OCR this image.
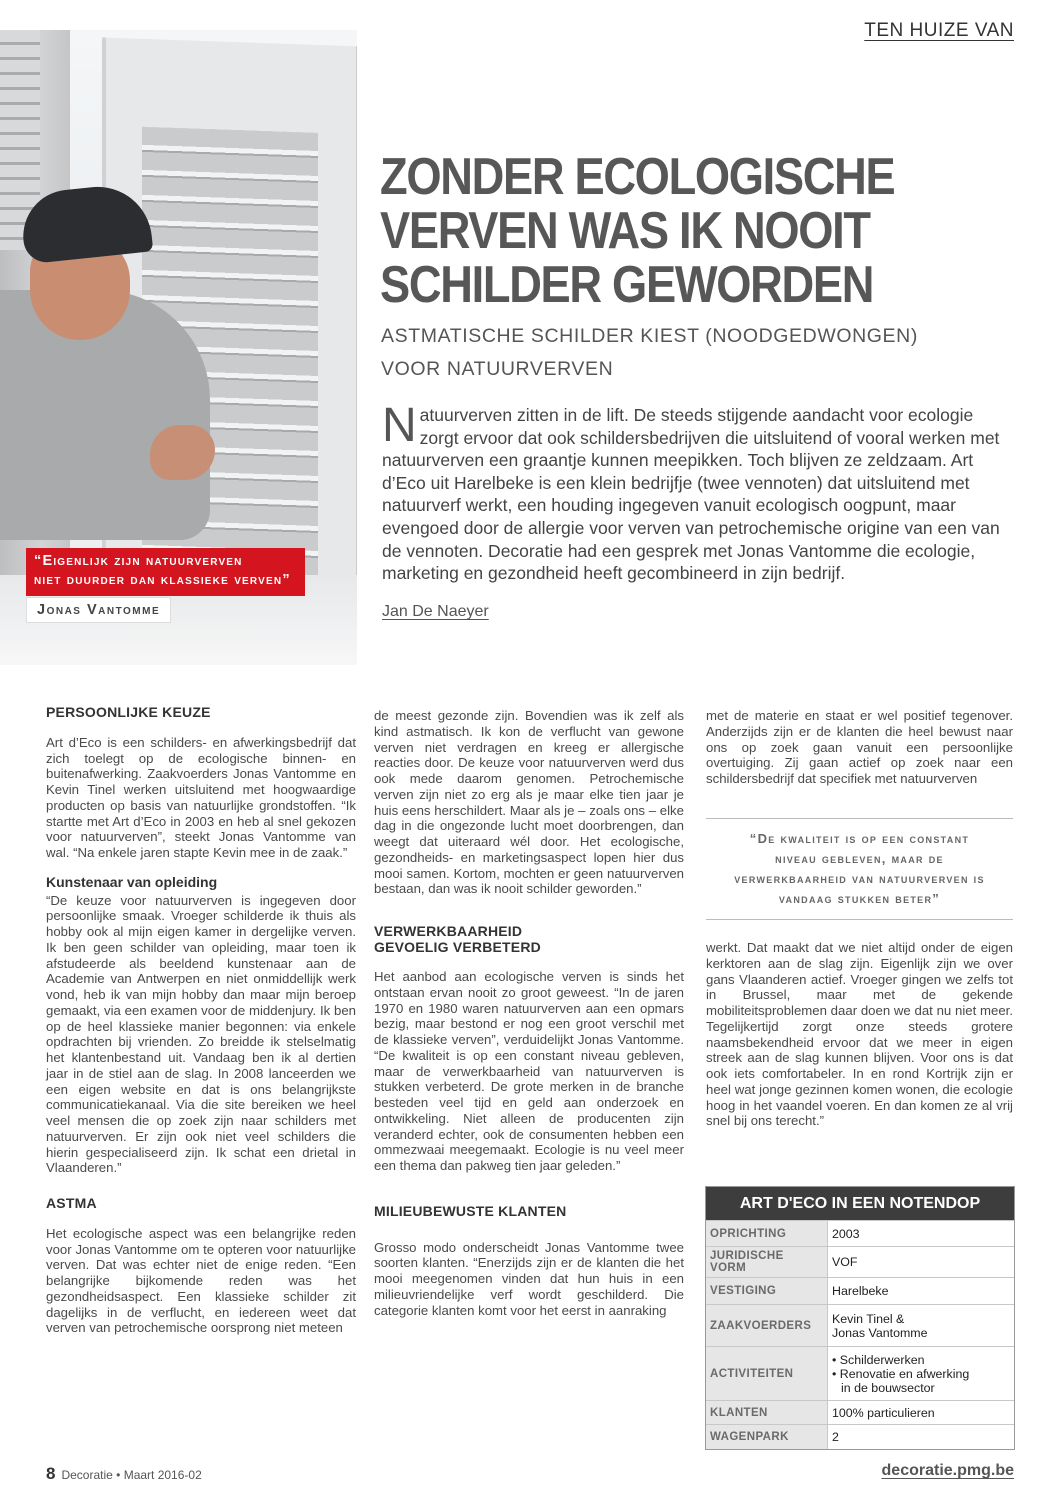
TEN HUIZE VAN
“Eigenlijk zijn natuurverven
niet duurder dan klassieke verven”
Jonas Vantomme
ZONDER ECOLOGISCHE
VERVEN WAS IK NOOIT
SCHILDER GEWORDEN
ASTMATISCHE SCHILDER KIEST (NOODGEDWONGEN)
VOOR NATUURVERVEN
Natuurverven zitten in de lift. De steeds stijgende aandacht voor ecologie zorgt ervoor dat ook schildersbedrijven die uitsluitend of vooral werken met natuurverven een graantje kunnen meepikken. Toch blijven ze zeldzaam. Art d’Eco uit Harelbeke is een klein bedrijfje (twee vennoten) dat uitsluitend met natuurverf werkt, een houding ingegeven vanuit ecologisch oogpunt, maar evengoed door de allergie voor verven van petrochemische origine van een van de vennoten. Decoratie had een gesprek met Jonas Vantomme die ecologie, marketing en gezondheid heeft gecombineerd in zijn bedrijf.
Jan De Naeyer
PERSOONLIJKE KEUZE

Art d’Eco is een schilders- en afwerkingsbedrijf dat zich toelegt op de ecologische binnen- en buitenafwerking. Zaakvoerders Jonas Vantomme en Kevin Tinel werken uitsluitend met hoogwaardige producten op basis van natuurlijke grondstoffen. “Ik startte met Art d’Eco in 2003 en heb al snel gekozen voor natuurverven”, steekt Jonas Vantomme van wal. “Na enkele jaren stapte Kevin mee in de zaak.”

Kunstenaar van opleiding

“De keuze voor natuurverven is ingegeven door persoonlijke smaak. Vroeger schilderde ik thuis als hobby ook al mijn eigen kamer in dergelijke verven. Ik ben geen schilder van opleiding, maar toen ik afstudeerde als beeldend kunstenaar aan de Academie van Antwerpen en niet onmiddellijk werk vond, heb ik van mijn hobby dan maar mijn beroep gemaakt, via een examen voor de middenjury. Ik ben op de heel klassieke manier begonnen: via enkele opdrachten bij vrienden. Zo breidde ik stelselmatig het klantenbestand uit. Vandaag ben ik al dertien jaar in de stiel aan de slag. In 2008 lanceerden we een eigen website en dat is ons belangrijkste communicatiekanaal. Via die site bereiken we heel veel mensen die op zoek zijn naar schilders met natuurverven. Er zijn ook niet veel schilders die hierin gespecialiseerd zijn. Ik schat een drietal in Vlaanderen.”

ASTMA

Het ecologische aspect was een belangrijke reden voor Jonas Vantomme om te opteren voor natuurlijke verven. Dat was echter niet de enige reden. “Een belangrijke bijkomende reden was het gezondheidsaspect. Een klassieke schilder zit dagelijks in de verflucht, en iedereen weet dat verven van petrochemische oorsprong niet meteen

de meest gezonde zijn. Bovendien was ik zelf als kind astmatisch. Ik kon de verflucht van gewone verven niet verdragen en kreeg er allergische reacties door. De keuze voor natuurverven werd dus ook mede daarom genomen. Petrochemische verven zijn niet zo erg als je maar elke tien jaar je huis eens herschildert. Maar als je – zoals ons – elke dag in die ongezonde lucht moet doorbrengen, dan weegt dat uiteraard wél door. Het ecologische, gezondheids- en marketingsaspect lopen hier dus mooi samen. Kortom, mochten er geen natuurverven bestaan, dan was ik nooit schilder geworden.”

VERWERKBAARHEID
GEVOELIG VERBETERD

Het aanbod aan ecologische verven is sinds het ontstaan ervan nooit zo groot geweest. “In de jaren 1970 en 1980 waren natuurverven aan een opmars bezig, maar bestond er nog een groot verschil met de klassieke verven”, verduidelijkt Jonas Vantomme. “De kwaliteit is op een constant niveau gebleven, maar de verwerkbaarheid van natuurverven is stukken verbeterd. De grote merken in de branche besteden veel tijd en geld aan onderzoek en ontwikkeling. Niet alleen de producenten zijn veranderd echter, ook de consumenten hebben een ommezwaai meegemaakt. Ecologie is nu veel meer een thema dan pakweg tien jaar geleden.”

MILIEUBEWUSTE KLANTEN

Grosso modo onderscheidt Jonas Vantomme twee soorten klanten. “Enerzijds zijn er de klanten die het mooi meegenomen vinden dat hun huis in een milieuvriendelijke verf wordt geschilderd. Die categorie klanten komt voor het eerst in aanraking

met de materie en staat er wel positief tegenover. Anderzijds zijn er de klanten die heel bewust naar ons op zoek gaan vanuit een persoonlijke overtuiging. Zij gaan actief op zoek naar een schildersbedrijf dat specifiek met natuurverven

“De kwaliteit is op een constant
niveau gebleven, maar de
verwerkbaarheid van natuurverven is
vandaag stukken beter”

werkt. Dat maakt dat we niet altijd onder de eigen kerktoren aan de slag zijn. Eigenlijk zijn we over gans Vlaanderen actief. Vroeger gingen we zelfs tot in Brussel, maar met de gekende mobiliteitsproblemen daar doen we dat nu niet meer. Tegelijkertijd zorgt onze steeds grotere naamsbekendheid ervoor dat we meer in eigen streek aan de slag kunnen blijven. Voor ons is dat ook iets comfortabeler. In en rond Kortrijk zijn er heel wat jonge gezinnen komen wonen, die ecologie hoog in het vaandel voeren. En dan komen ze al vrij snel bij ons terecht.”

ART D'ECO IN EEN NOTENDOP
OPRICHTING	2003
JURIDISCHE VORM	VOF
VESTIGING	Harelbeke
ZAAKVOERDERS	Kevin Tinel &
Jonas Vantomme

ACTIVITEITEN	• Schilderwerken
• Renovatie en afwerking
in de bouwsector

KLANTEN	100% particulieren
WAGENPARK	2
8 Decoratie • Maart 2016-02	decoratie.pmg.be
